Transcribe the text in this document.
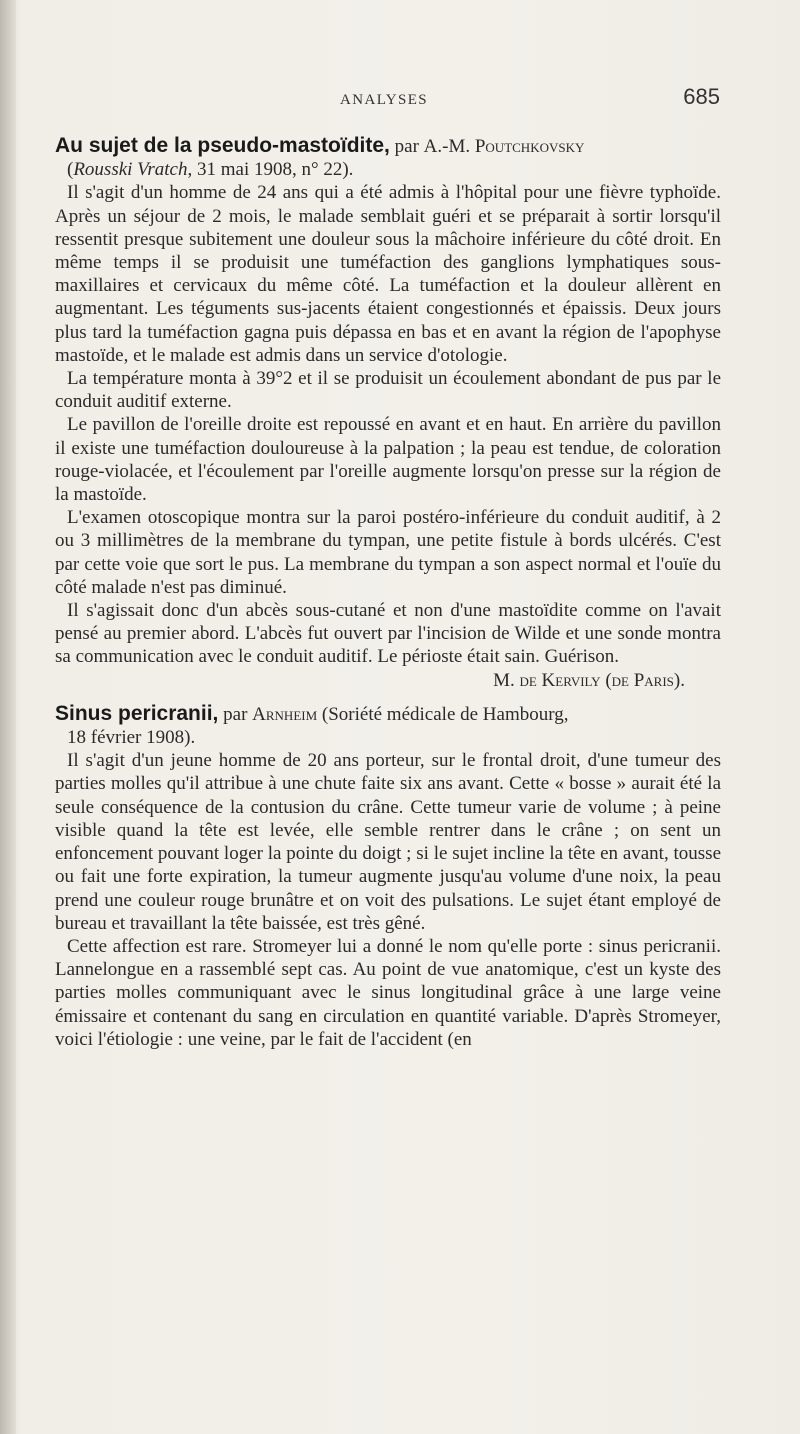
ANALYSES	685

Au sujet de la pseudo-mastoïdite, par A.-M. Poutchkovsky

(Rousski Vratch, 31 mai 1908, n° 22).

Il s'agit d'un homme de 24 ans qui a été admis à l'hôpital pour une fièvre typhoïde. Après un séjour de 2 mois, le malade semblait guéri et se préparait à sortir lorsqu'il ressentit presque subitement une douleur sous la mâchoire inférieure du côté droit. En même temps il se produisit une tuméfaction des ganglions lymphatiques sous-maxillaires et cervicaux du même côté. La tuméfaction et la douleur allèrent en augmentant. Les téguments sus-jacents étaient congestionnés et épaissis. Deux jours plus tard la tuméfaction gagna puis dépassa en bas et en avant la région de l'apophyse mastoïde, et le malade est admis dans un service d'otologie.

La température monta à 39°2 et il se produisit un écoulement abondant de pus par le conduit auditif externe.

Le pavillon de l'oreille droite est repoussé en avant et en haut. En arrière du pavillon il existe une tuméfaction douloureuse à la palpation ; la peau est tendue, de coloration rouge-violacée, et l'écoulement par l'oreille augmente lorsqu'on presse sur la région de la mastoïde.

L'examen otoscopique montra sur la paroi postéro-inférieure du conduit auditif, à 2 ou 3 millimètres de la membrane du tympan, une petite fistule à bords ulcérés. C'est par cette voie que sort le pus. La membrane du tympan a son aspect normal et l'ouïe du côté malade n'est pas diminué.

Il s'agissait donc d'un abcès sous-cutané et non d'une mastoïdite comme on l'avait pensé au premier abord. L'abcès fut ouvert par l'incision de Wilde et une sonde montra sa communication avec le conduit auditif. Le périoste était sain. Guérison.

M. de Kervily (de Paris).

Sinus pericranii, par Arnheim (Soriété médicale de Hambourg,

18 février 1908).

Il s'agit d'un jeune homme de 20 ans porteur, sur le frontal droit, d'une tumeur des parties molles qu'il attribue à une chute faite six ans avant. Cette « bosse » aurait été la seule conséquence de la contusion du crâne. Cette tumeur varie de volume ; à peine visible quand la tête est levée, elle semble rentrer dans le crâne ; on sent un enfoncement pouvant loger la pointe du doigt ; si le sujet incline la tête en avant, tousse ou fait une forte expiration, la tumeur augmente jusqu'au volume d'une noix, la peau prend une couleur rouge brunâtre et on voit des pulsations. Le sujet étant employé de bureau et travaillant la tête baissée, est très gêné.

Cette affection est rare. Stromeyer lui a donné le nom qu'elle porte : sinus pericranii. Lannelongue en a rassemblé sept cas. Au point de vue anatomique, c'est un kyste des parties molles communiquant avec le sinus longitudinal grâce à une large veine émissaire et contenant du sang en circulation en quantité variable. D'après Stromeyer, voici l'étiologie : une veine, par le fait de l'accident (en
